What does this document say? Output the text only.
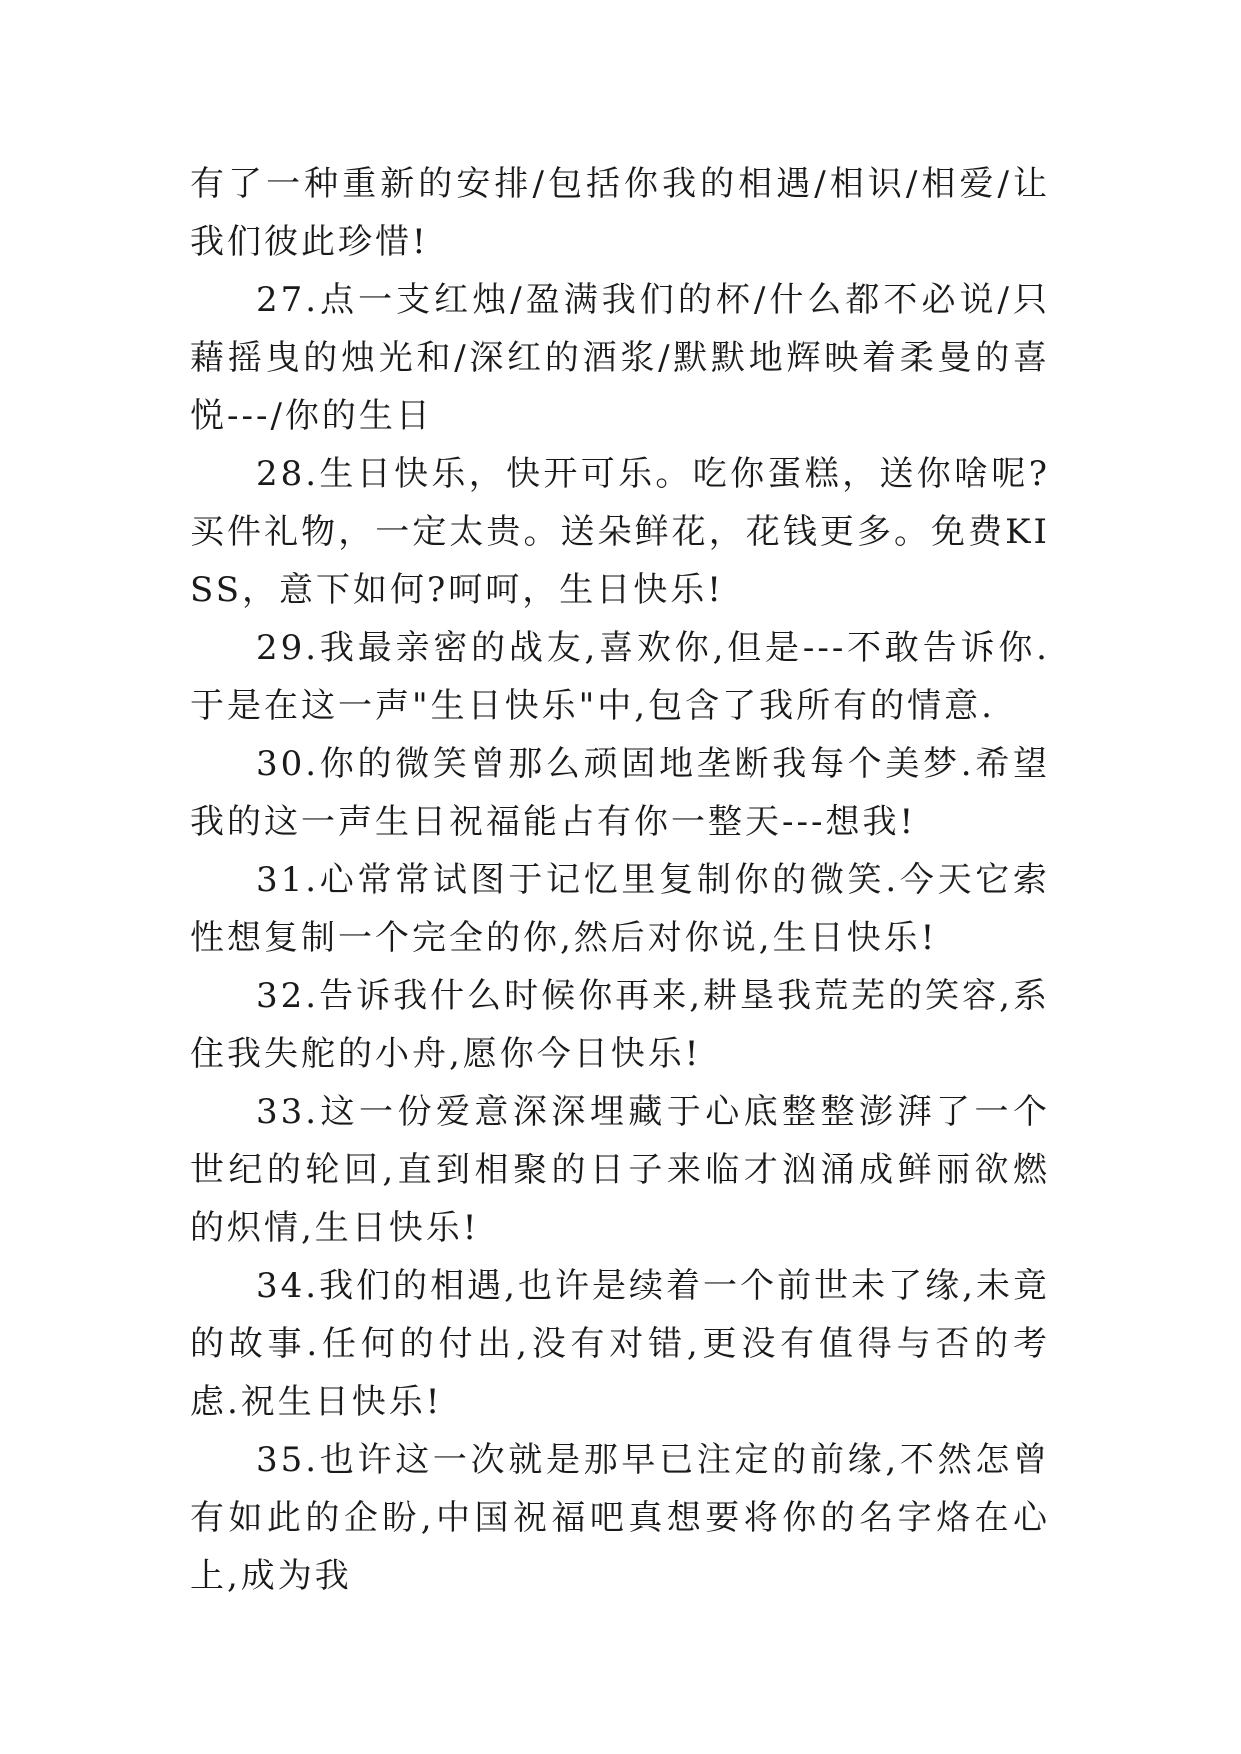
有了一种重新的安排/包括你我的相遇/相识/相爱/让我们彼此珍惜!

27.点一支红烛/盈满我们的杯/什么都不必说/只藉摇曳的烛光和/深红的酒浆/默默地辉映着柔曼的喜悦---/你的生日

28.生日快乐，快开可乐。吃你蛋糕，送你啥呢?买件礼物，一定太贵。送朵鲜花，花钱更多。免费KISS，意下如何?呵呵，生日快乐!

29.我最亲密的战友,喜欢你,但是---不敢告诉你.于是在这一声"生日快乐"中,包含了我所有的情意.

30.你的微笑曾那么顽固地垄断我每个美梦.希望我的这一声生日祝福能占有你一整天---想我!

31.心常常试图于记忆里复制你的微笑.今天它索性想复制一个完全的你,然后对你说,生日快乐!

32.告诉我什么时候你再来,耕垦我荒芜的笑容,系住我失舵的小舟,愿你今日快乐!

33.这一份爱意深深埋藏于心底整整澎湃了一个世纪的轮回,直到相聚的日子来临才汹涌成鲜丽欲燃的炽情,生日快乐!

34.我们的相遇,也许是续着一个前世未了缘,未竟的故事.任何的付出,没有对错,更没有值得与否的考虑.祝生日快乐!

35.也许这一次就是那早已注定的前缘,不然怎曾有如此的企盼,中国祝福吧真想要将你的名字烙在心上,成为我
